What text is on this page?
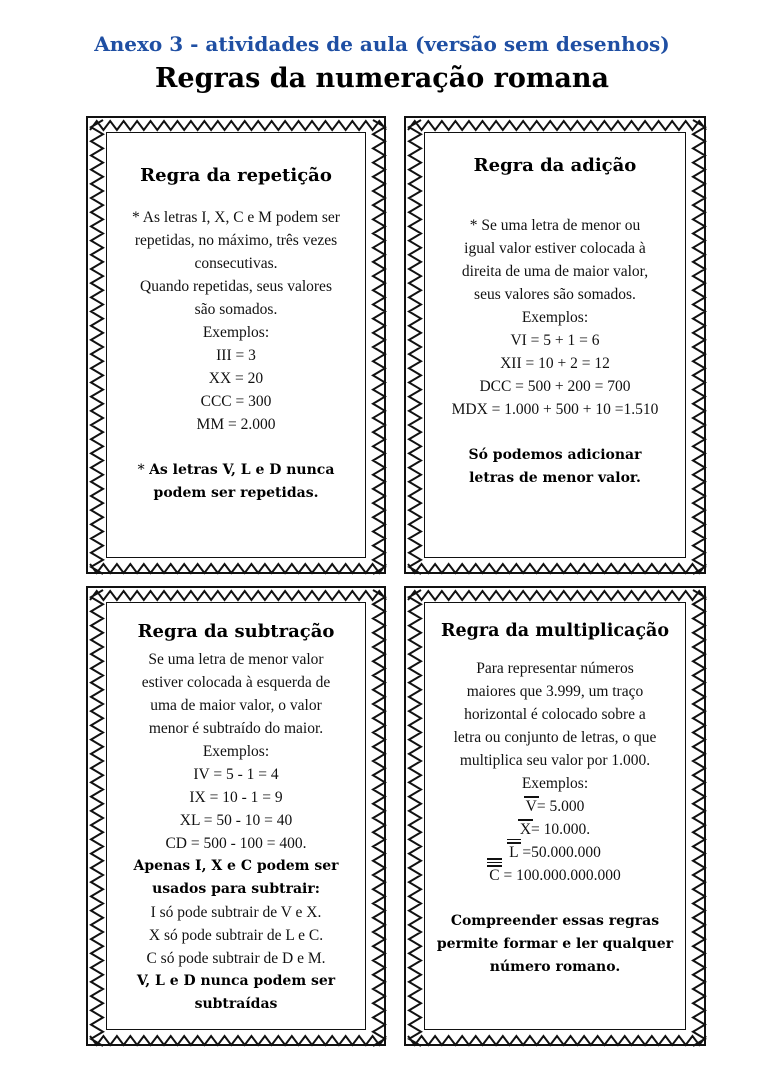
Anexo 3 - atividades de aula (versão sem desenhos)
Regras da numeração romana
Regra da repetição
* As letras I, X, C e M podem ser
repetidas, no máximo, três vezes
consecutivas.
Quando repetidas, seus valores
são somados.
Exemplos:
III = 3
XX = 20
CCC = 300
MM = 2.000
* As letras V, L e D nunca
podem ser repetidas.
Regra da adição
* Se uma letra de menor ou
igual valor estiver colocada à
direita de uma de maior valor,
seus valores são somados.
Exemplos:
VI = 5 + 1 = 6
XII = 10 + 2 = 12
DCC = 500 + 200 = 700
MDX = 1.000 + 500 + 10 =1.510
Só podemos adicionar
letras de menor valor.
Regra da subtração
Se uma letra de menor valor
estiver colocada à esquerda de
uma de maior valor, o valor
menor é subtraído do maior.
Exemplos:
IV = 5 - 1 = 4
IX = 10 - 1 = 9
XL = 50 - 10 = 40
CD = 500 - 100 = 400.
Apenas I, X e C podem ser
usados para subtrair:
I só pode subtrair de V e X.
X só pode subtrair de L e C.
C só pode subtrair de D e M.
V, L e D nunca podem ser
subtraídas
Regra da multiplicação
Para representar números
maiores que 3.999, um traço
horizontal é colocado sobre a
letra ou conjunto de letras, o que
multiplica seu valor por 1.000.
Exemplos:
V= 5.000
X= 10.000.
L =50.000.000
C = 100.000.000.000
Compreender essas regras
permite formar e ler qualquer
número romano.
